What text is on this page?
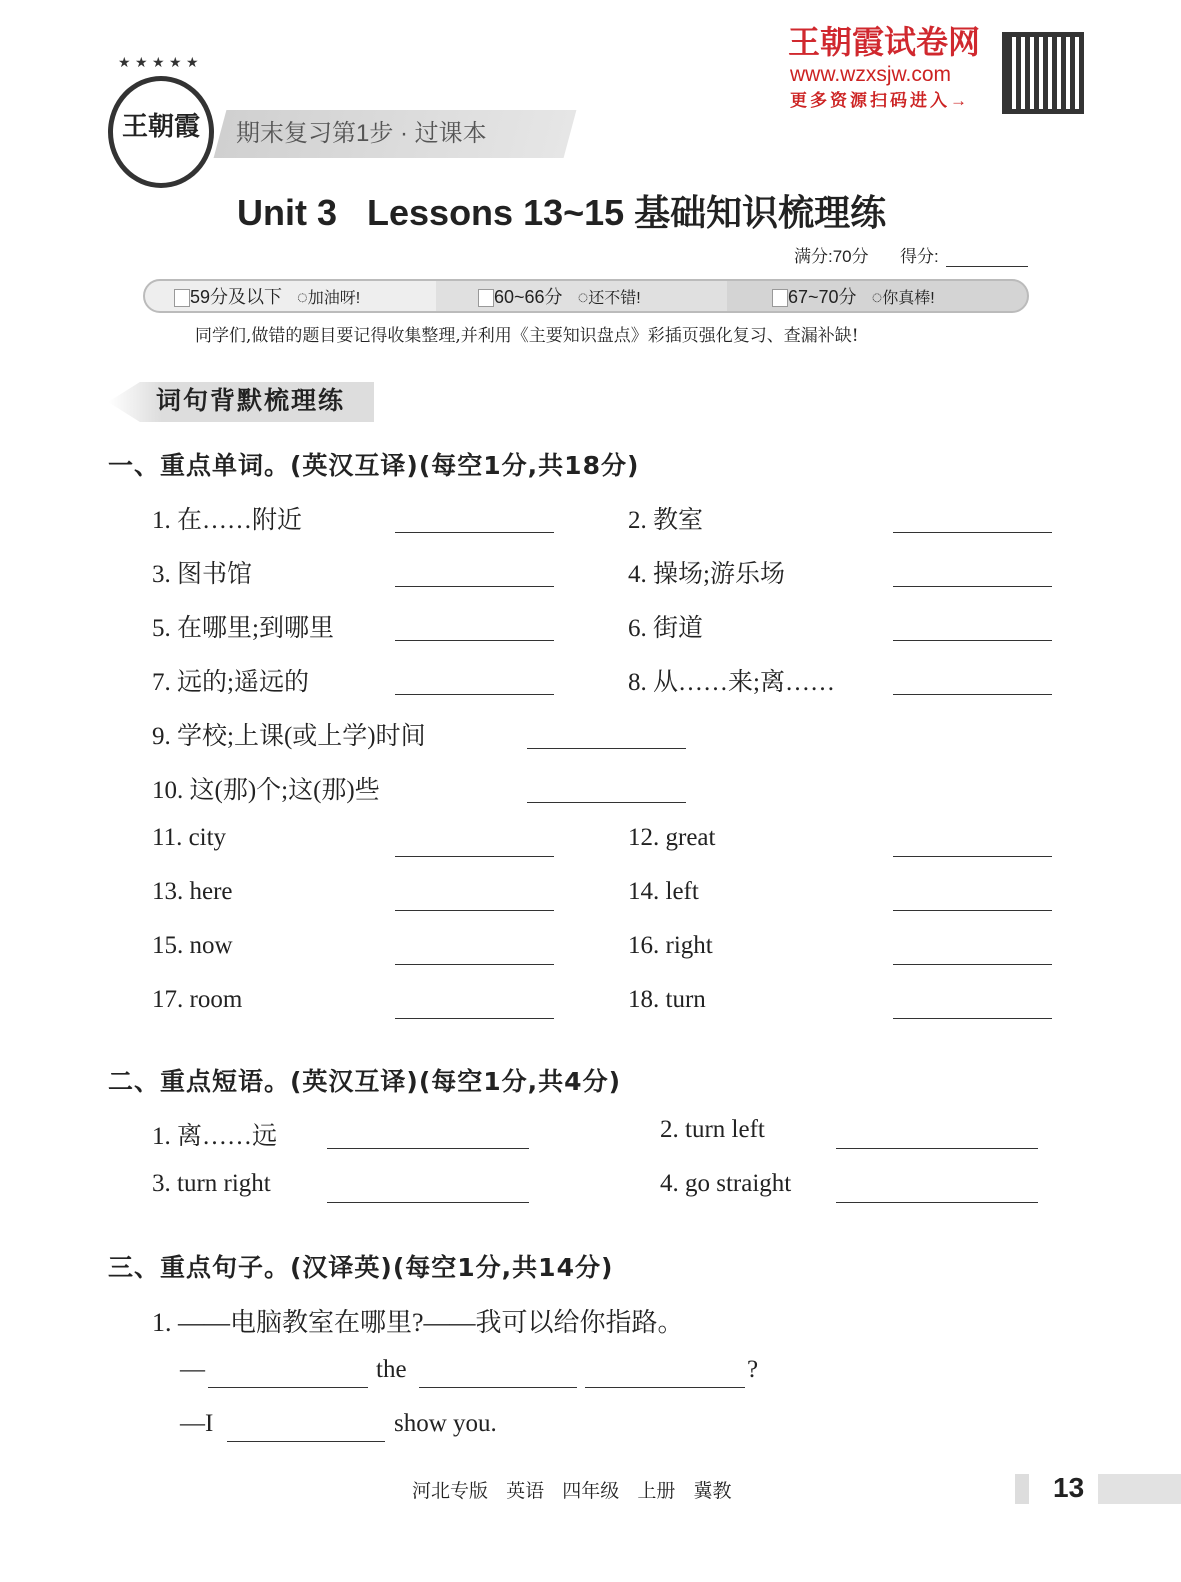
王朝霞
★ ★ ★ ★ ★
期末复习第1步 · 过课本
王朝霞试卷网
www.wzxsjw.com
更多资源扫码进入→
Unit 3   Lessons 13~15 基础知识梳理练
满分:70分 得分:
59分及以下 ◌加油呀!	60~66分 ◌还不错!	67~70分 ◌你真棒!
同学们,做错的题目要记得收集整理,并利用《主要知识盘点》彩插页强化复习、查漏补缺!
词句背默梳理练
一、重点单词。(英汉互译)(每空1分,共18分)
1. 在……附近	2. 教室
3. 图书馆	4. 操场;游乐场
5. 在哪里;到哪里	6. 街道
7. 远的;遥远的	8. 从……来;离……
9. 学校;上课(或上学)时间
10. 这(那)个;这(那)些
11. city	12. great
13. here	14. left
15. now	16. right
17. room	18. turn
二、重点短语。(英汉互译)(每空1分,共4分)
1. 离……远	2. turn left
3. turn right	4. go straight
三、重点句子。(汉译英)(每空1分,共14分)
1. ——电脑教室在哪里?——我可以给你指路。
—	the	?
—I	show you.
河北专版   英语   四年级   上册   冀教	13
